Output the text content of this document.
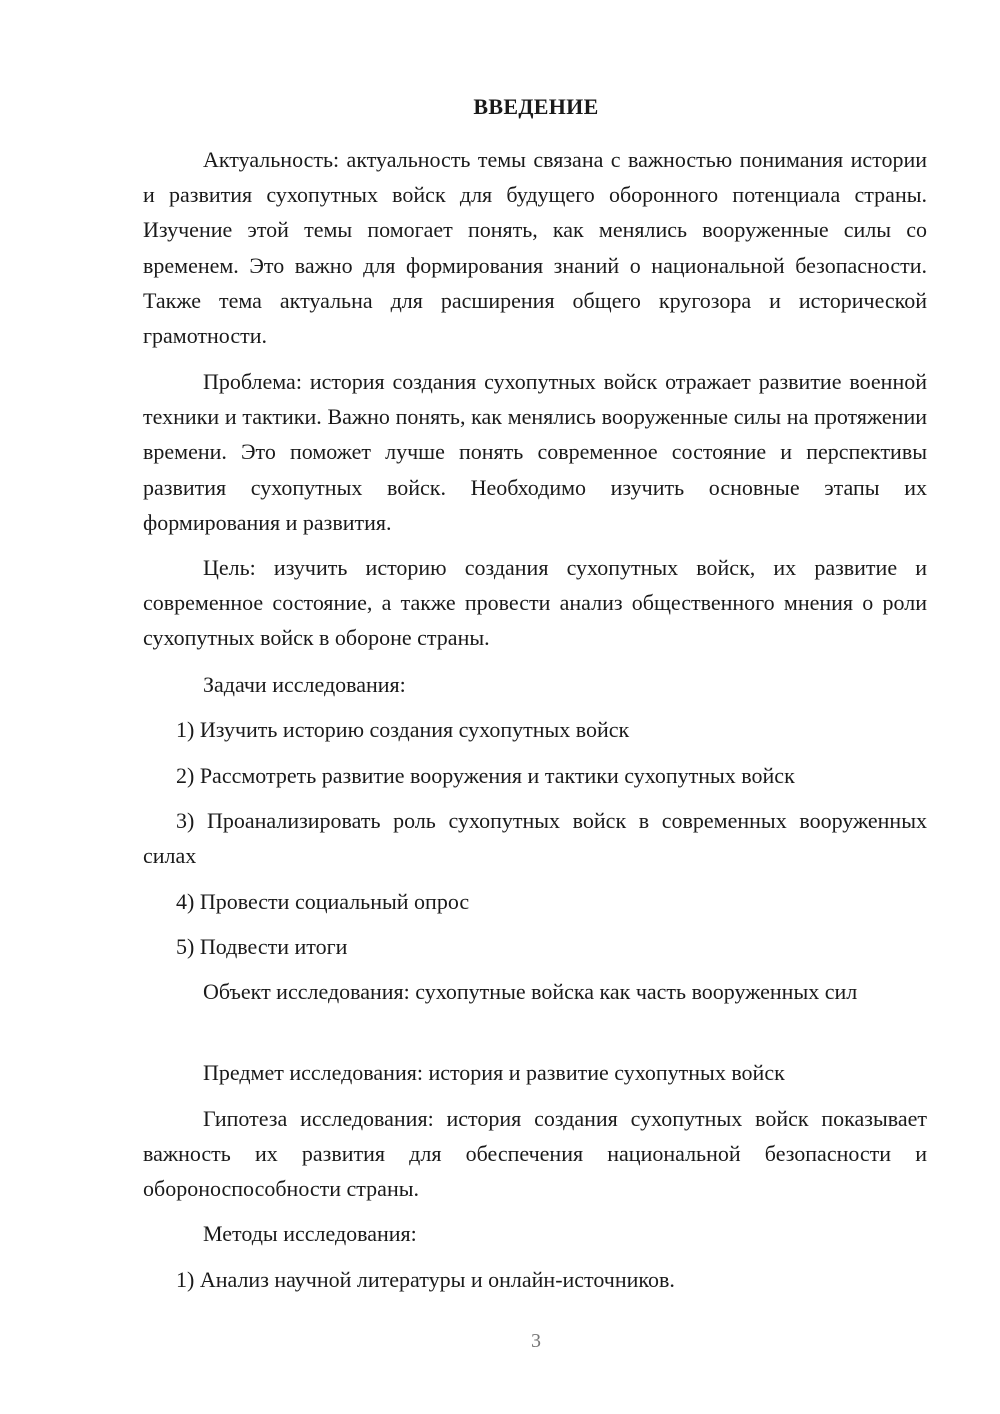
ВВЕДЕНИЕ

Актуальность: актуальность темы связана с важностью понимания истории и развития сухопутных войск для будущего оборонного потенциала страны. Изучение этой темы помогает понять, как менялись вооруженные силы со временем. Это важно для формирования знаний о национальной безопасности. Также тема актуальна для расширения общего кругозора и исторической грамотности.

Проблема: история создания сухопутных войск отражает развитие военной техники и тактики. Важно понять, как менялись вооруженные силы на протяжении времени. Это поможет лучше понять современное состояние и перспективы развития сухопутных войск. Необходимо изучить основные этапы их формирования и развития.

Цель: изучить историю создания сухопутных войск, их развитие и современное состояние, а также провести анализ общественного мнения о роли сухопутных войск в обороне страны.

Задачи исследования:

1) Изучить историю создания сухопутных войск

2) Рассмотреть развитие вооружения и тактики сухопутных войск

3) Проанализировать роль сухопутных войск в современных вооруженных силах

4) Провести социальный опрос

5) Подвести итоги

Объект исследования: сухопутные войска как часть вооруженных сил

Предмет исследования: история и развитие сухопутных войск

Гипотеза исследования: история создания сухопутных войск показывает важность их развития для обеспечения национальной безопасности и обороноспособности страны.

Методы исследования:

1) Анализ научной литературы и онлайн-источников.

3
